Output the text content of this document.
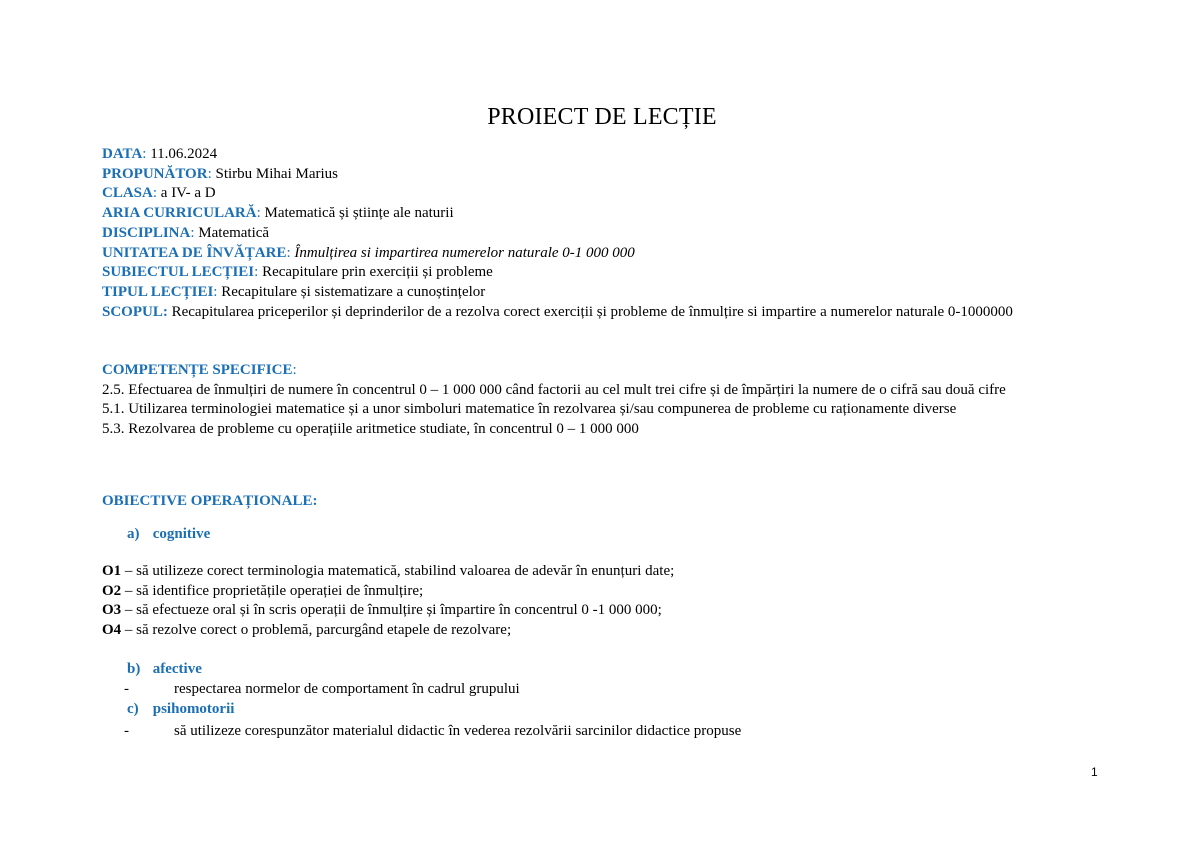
PROIECT DE LECȚIE
DATA: 11.06.2024
PROPUNĂTOR: Stirbu Mihai Marius
CLASA: a IV- a D
ARIA CURRICULARĂ: Matematică și științe ale naturii
DISCIPLINA: Matematică
UNITATEA DE ÎNVĂȚARE: Înmulțirea si impartirea numerelor naturale 0-1 000 000
SUBIECTUL LECȚIEI: Recapitulare prin exerciții și probleme
TIPUL LECȚIEI: Recapitulare și sistematizare a cunoștințelor
SCOPUL: Recapitularea priceperilor și deprinderilor de a rezolva corect exerciții și probleme de înmulțire si impartire a numerelor naturale 0-1000000
COMPETENȚE SPECIFICE:
2.5. Efectuarea de înmulțiri de numere în concentrul 0 – 1 000 000 când factorii au cel mult trei cifre și de împărțiri la numere de o cifră sau două cifre
5.1. Utilizarea terminologiei matematice și a unor simboluri matematice în rezolvarea și/sau compunerea de probleme cu raționamente diverse
5.3. Rezolvarea de probleme cu operațiile aritmetice studiate, în concentrul 0 – 1 000 000
OBIECTIVE OPERAȚIONALE:
a) cognitive
O1 – să utilizeze corect terminologia matematică, stabilind valoarea de adevăr în enunțuri date;
O2 – să identifice proprietățile operației de înmulțire;
O3 – să efectueze oral și în scris operații de înmulțire și împartire în concentrul 0 -1 000 000;
O4 – să rezolve corect o problemă, parcurgând etapele de rezolvare;
b) afective
-	respectarea normelor de comportament în cadrul grupului
c) psihomotorii
-	să utilizeze corespunzător materialul didactic în vederea rezolvării sarcinilor didactice propuse
1
